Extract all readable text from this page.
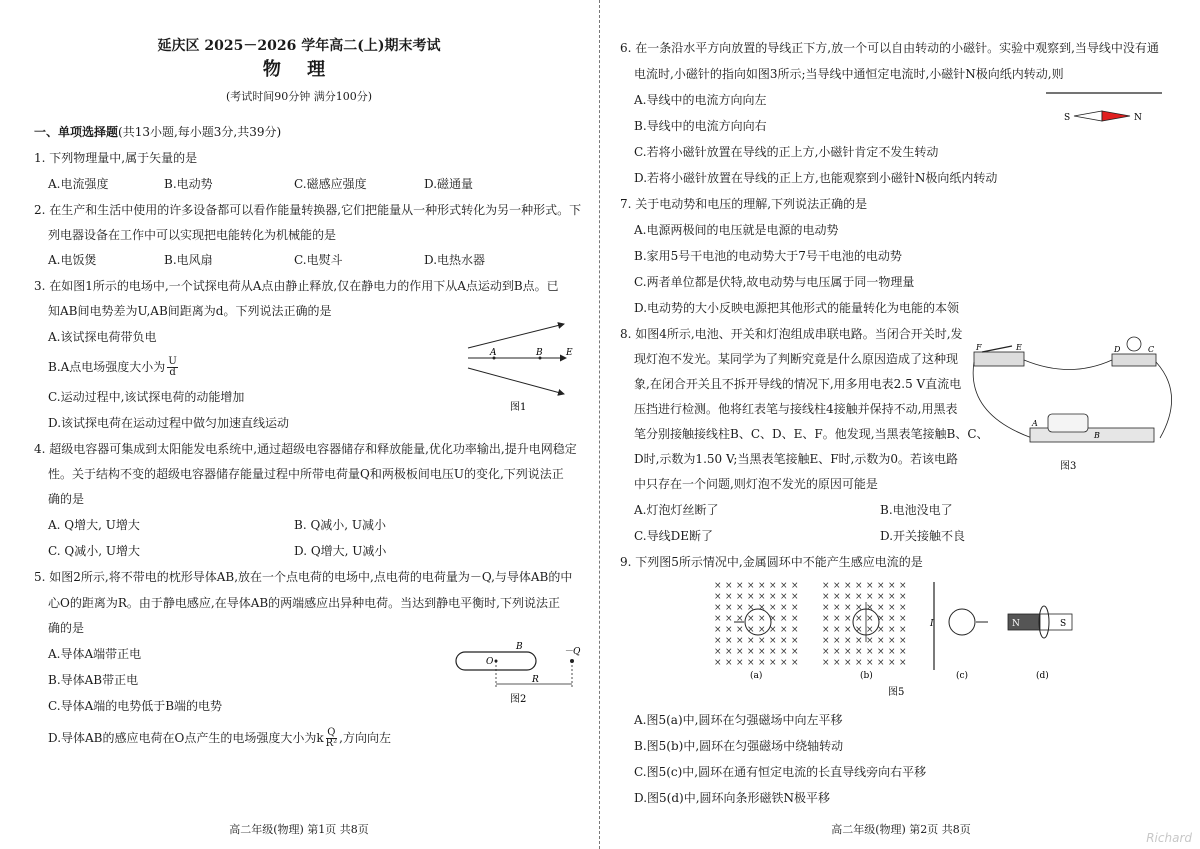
延庆区 2025－2026 学年高二(上)期末考试
物 理
(考试时间90分钟 满分100分)
一、单项选择题(共13小题,每小题3分,共39分)
1. 下列物理量中,属于矢量的是
A.电流强度	B.电动势	C.磁感应强度	D.磁通量
2. 在生产和生活中使用的许多设备都可以看作能量转换器,它们把能量从一种形式转化为另一种形式。下
列电器设备在工作中可以实现把电能转化为机械能的是
A.电饭煲	B.电风扇	C.电熨斗	D.电热水器
3. 在如图1所示的电场中,一个试探电荷从A点由静止释放,仅在静电力的作用下从A点运动到B点。已
知AB间电势差为U,AB间距离为d。下列说法正确的是
A.该试探电荷带负电
B.A点电场强度大小为 $\frac{U}{d}$
C.运动过程中,该试探电荷的动能增加
D.该试探电荷在运动过程中做匀加速直线运动
A	B	E
图1
4. 超级电容器可集成到太阳能发电系统中,通过超级电容器储存和释放能量,优化功率输出,提升电网稳定
性。关于结构不变的超级电容器储存能量过程中所带电荷量Q和两极板间电压U的变化,下列说法正
确的是
A. Q增大, U增大	B. Q减小, U减小
C. Q减小, U增大	D. Q增大, U减小
5. 如图2所示,将不带电的枕形导体AB,放在一个点电荷的电场中,点电荷的电荷量为－Q,与导体AB的中
心O的距离为R。由于静电感应,在导体AB的两端感应出异种电荷。当达到静电平衡时,下列说法正
确的是
A.导体A端带正电
B.导体AB带正电
C.导体A端的电势低于B端的电势
D.导体AB的感应电荷在O点产生的电场强度大小为k $\frac{Q}{\text{R²}}$ ,方向向左
B
O
－Q
R
图2
高二年级(物理) 第1页 共8页
6. 在一条沿水平方向放置的导线正下方,放一个可以自由转动的小磁针。实验中观察到,当导线中没有通
电流时,小磁针的指向如图3所示;当导线中通恒定电流时,小磁针N极向纸内转动,则
A.导线中的电流方向向左
B.导线中的电流方向向右
C.若将小磁针放置在导线的正上方,小磁针肯定不发生转动
D.若将小磁针放置在导线的正上方,也能观察到小磁针N极向纸内转动
S	N
7. 关于电动势和电压的理解,下列说法正确的是
A.电源两极间的电压就是电源的电动势
B.家用5号干电池的电动势大于7号干电池的电动势
C.两者单位都是伏特,故电动势与电压属于同一物理量
D.电动势的大小反映电源把其他形式的能量转化为电能的本领
8. 如图4所示,电池、开关和灯泡组成串联电路。当闭合开关时,发
现灯泡不发光。某同学为了判断究竟是什么原因造成了这种现
象,在闭合开关且不拆开导线的情况下,用多用电表2.5 V直流电
压挡进行检测。他将红表笔与接线柱4接触并保持不动,用黑表
笔分别接触接线柱B、C、D、E、F。他发现,当黑表笔接触B、C、
D时,示数为1.50 V;当黑表笔接触E、F时,示数为0。若该电路
中只存在一个问题,则灯泡不发光的原因可能是
A.灯泡灯丝断了	B.电池没电了
C.导线DE断了	D.开关接触不良
F	E	D	C
A
B
图3
9. 下列图5所示情况中,金属圆环中不能产生感应电流的是
× × × × × × × ×
× × × × × × × ×
× × × × × × × ×
× × × × × × × ×
× × × × × × × ×
× × × × × × × ×
× × × × × × × ×
× × × × × × × ×
× × × × × × × ×
× × × × × × × ×
× × × × × × × ×
× × × × × × × ×
× × × × × × × ×
× × × × × × × ×
× × × × × × × ×
× × × × × × × ×
I	N	S
(a)	(b)	(c)	(d)
图5
A.图5(a)中,圆环在匀强磁场中向左平移
B.图5(b)中,圆环在匀强磁场中绕轴转动
C.图5(c)中,圆环在通有恒定电流的长直导线旁向右平移
D.图5(d)中,圆环向条形磁铁N极平移
高二年级(物理) 第2页 共8页
Richard
